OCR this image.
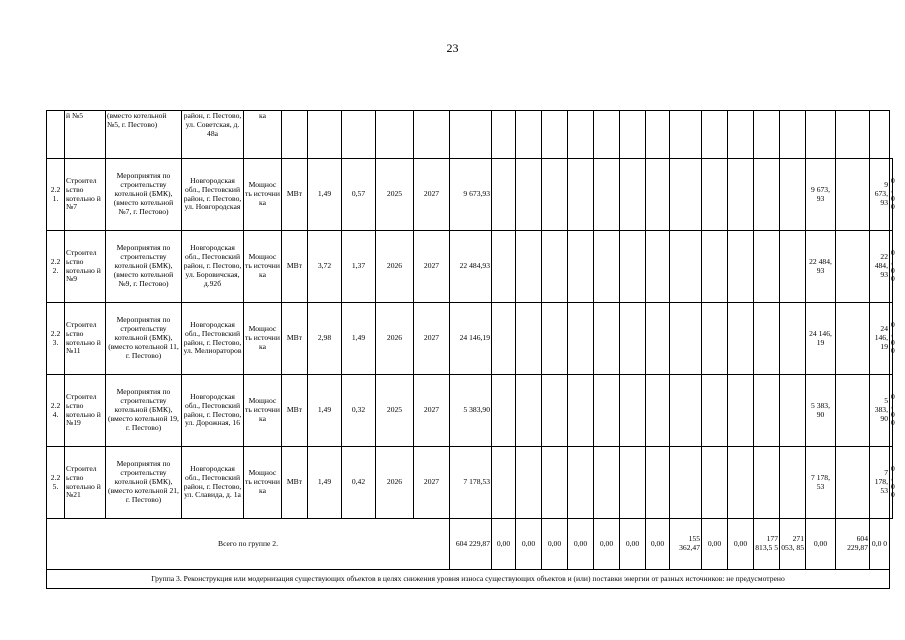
23
	й №5	(вместо котельной №5, г. Пестово)	район, г. Пестово, ул. Советская, д. 48а	ка																						
2.2 1.	Строител ьство котельно й №7	Мероприятия по строительству котельной (БМК), (вместо котельной №7, г. Пестово)	Новгородская обл., Пестовский район, г. Пестово, ул. Новгородская	Мощнос ть источни ка	МВт	1,49	0,57	2025	2027	9 673,93													9 673, 93		9 673,93	0,0 0
2.2 2.	Строител ьство котельно й №9	Мероприятия по строительству котельной (БМК), (вместо котельной №9, г. Пестово)	Новгородская обл., Пестовский район, г. Пестово, ул. Боровичская, д.92б	Мощнос ть источни ка	МВт	3,72	1,37	2026	2027	22 484,93													22 484, 93		22 484,93	0,0 0
2.2 3.	Строител ьство котельно й №11	Мероприятия по строительству котельной (БМК), (вместо котельной 11, г. Пестово)	Новгородская обл., Пестовский район, г. Пестово, ул. Мелиораторов	Мощнос ть источни ка	МВт	2,98	1,49	2026	2027	24 146,19													24 146, 19		24 146,19	0,0 0
2.2 4.	Строител ьство котельно й №19	Мероприятия по строительству котельной (БМК), (вместо котельной 19, г. Пестово)	Новгородская обл., Пестовский район, г. Пестово, ул. Дорожная, 16	Мощнос ть источни ка	МВт	1,49	0,32	2025	2027	5 383,90													5 383, 90		5 383,90	0,0 0
2.2 5.	Строител ьство котельно й №21	Мероприятия по строительству котельной (БМК), (вместо котельной 21, г. Пестово)	Новгородская обл., Пестовский район, г. Пестово, ул. Славида, д. 1а	Мощнос ть источни ка	МВт	1,49	0,42	2026	2027	7 178,53													7 178, 53		7 178,53	0,0 0
Всего по группе 2.										604 229,87	0,00	0,00	0,00	0,00	0,00	0,00	0,00	155 362,47	0,00	0,00	177 813,5 5	271 053, 85	0,00	604 229,87	0,0 0	
Группа 3. Реконструкция или модернизация существующих объектов в целях снижения уровня износа существующих объектов и (или) поставки энергии от разных источников: не предусмотрено																										
